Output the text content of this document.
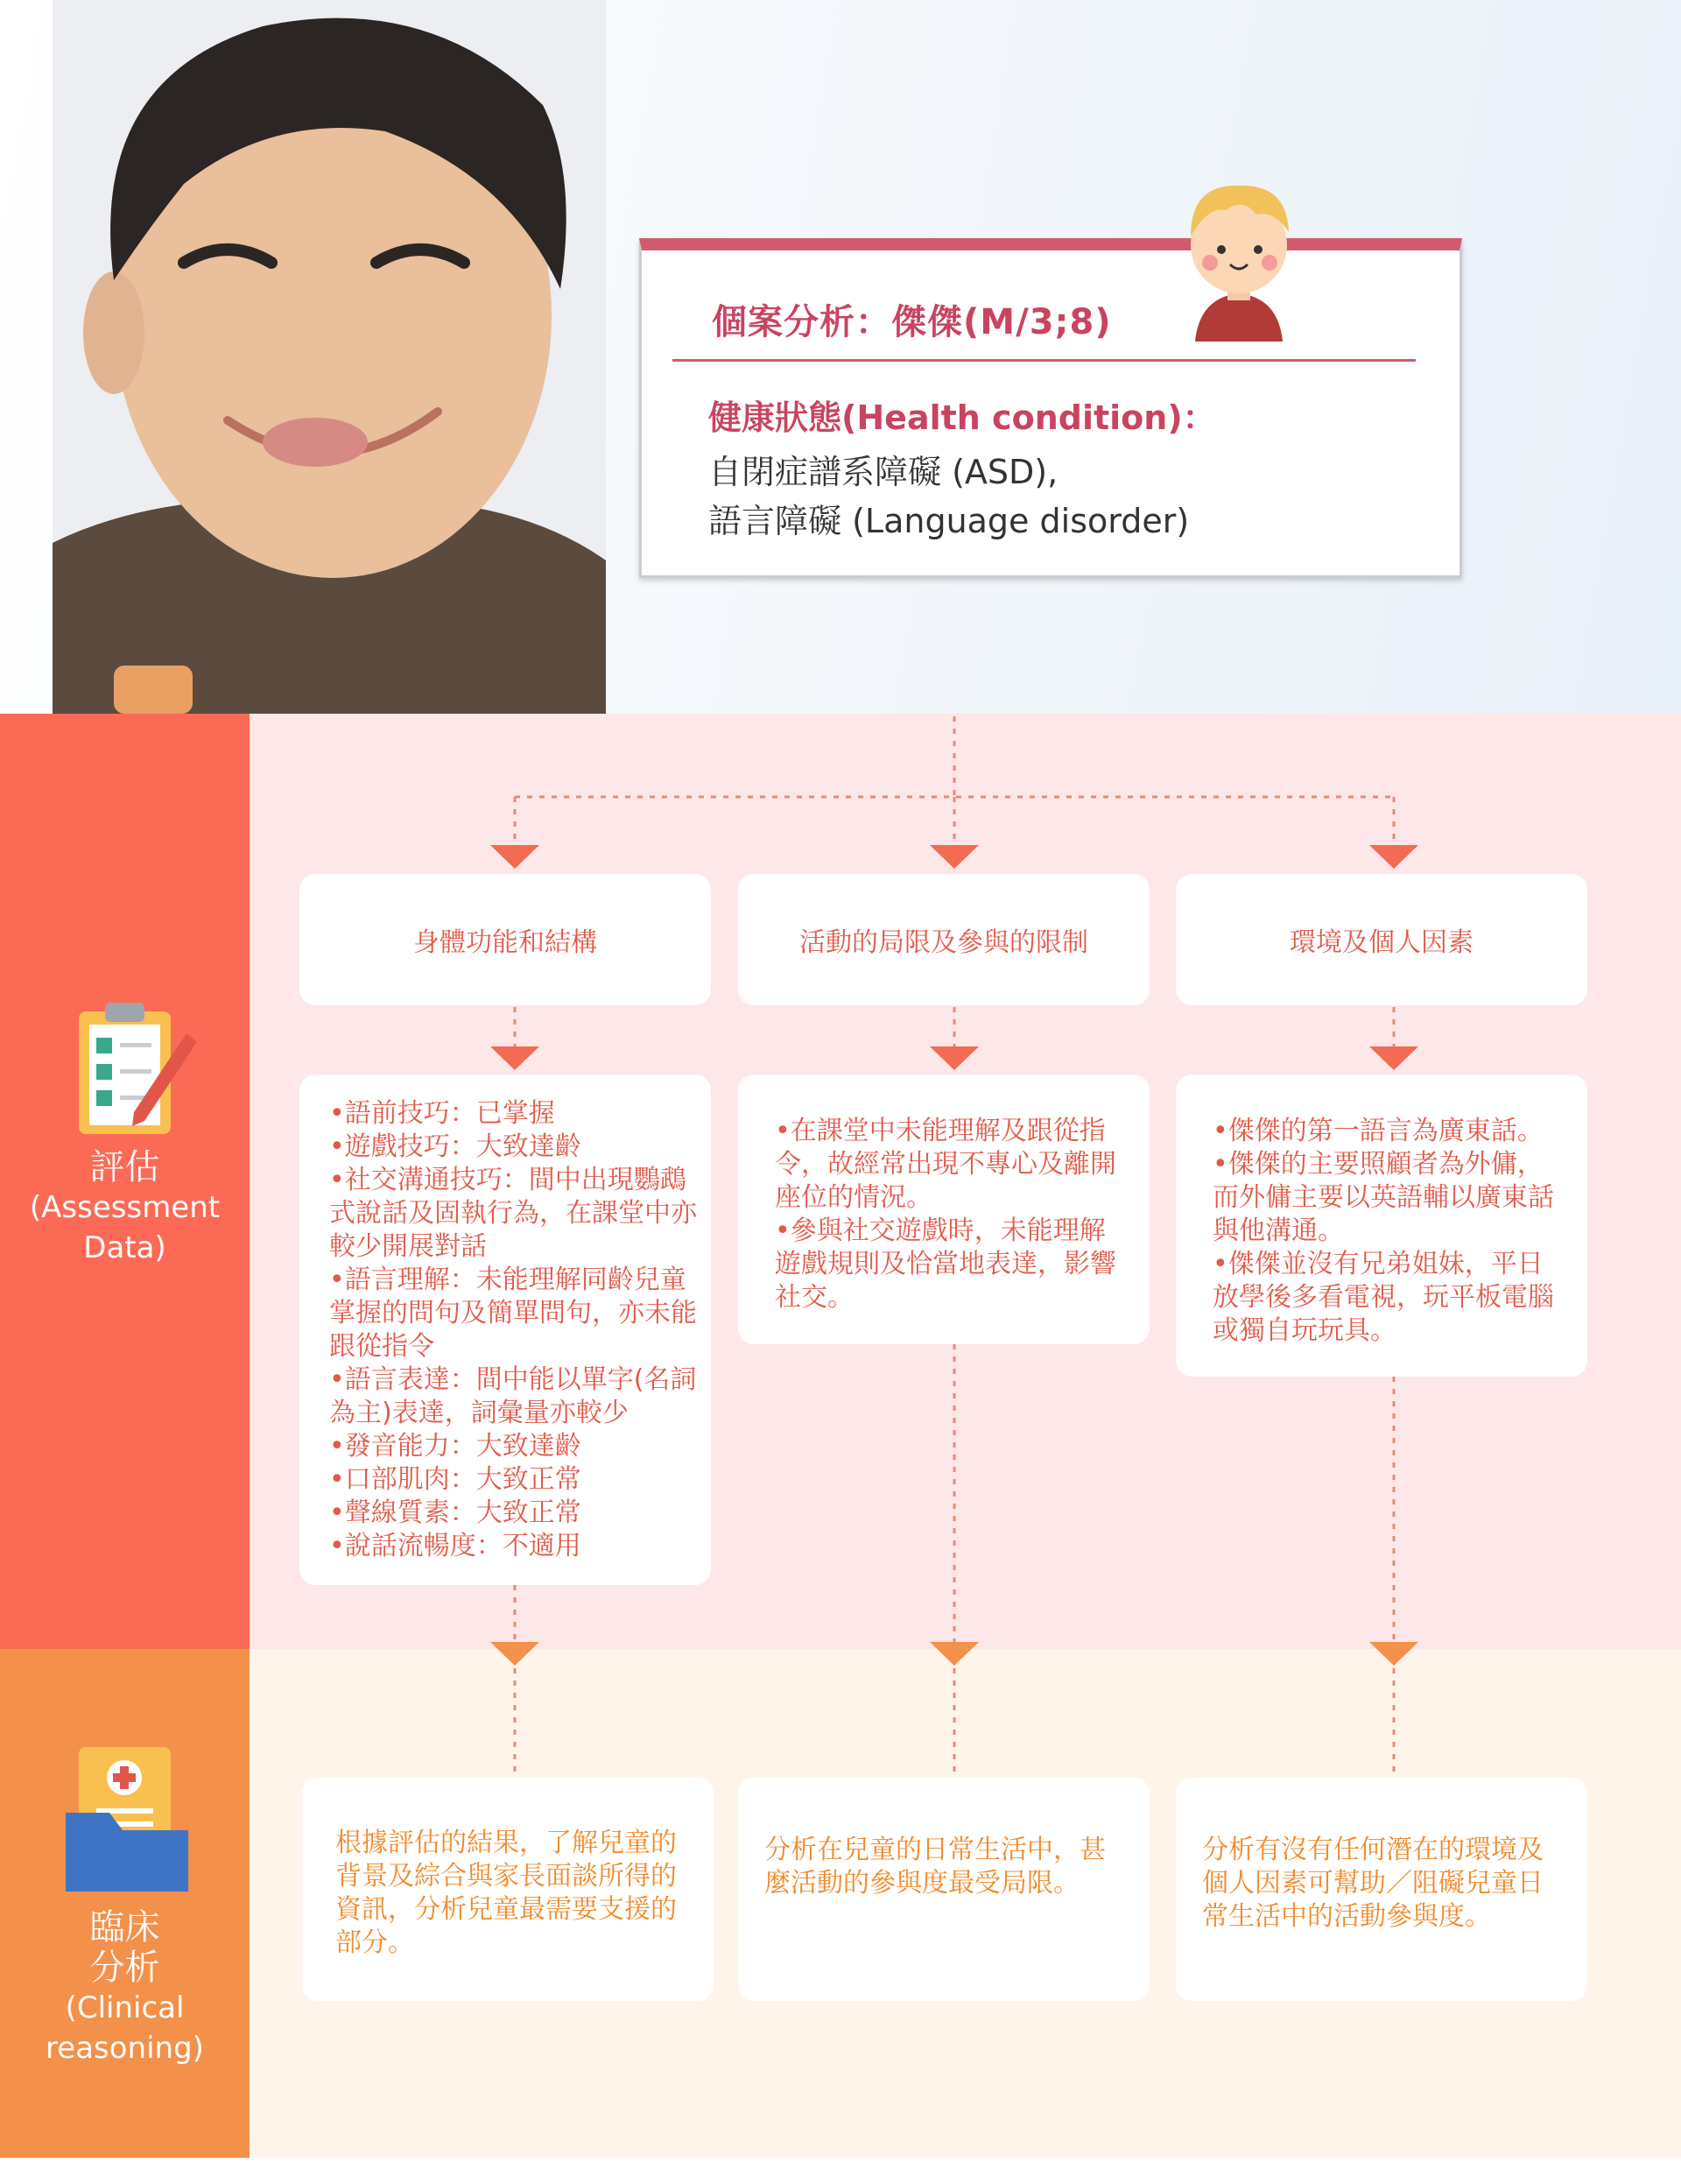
個案分析：傑傑(M/3;8)
健康狀態(Health condition)：
自閉症譜系障礙 (ASD),
語言障礙 (Language disorder)
評估
(Assessment
Data)
臨床
分析
(Clinical
reasoning)
身體功能和結構	活動的局限及參與的限制	環境及個人因素
•語前技巧：已掌握
•遊戲技巧：大致達齡
•社交溝通技巧：間中出現鸚鵡式說話及固執行為，在課堂中亦較少開展對話
•語言理解：未能理解同齡兒童掌握的問句及簡單問句，亦未能跟從指令
•語言表達：間中能以單字(名詞為主)表達，詞彙量亦較少
•發音能力：大致達齡
•口部肌肉：大致正常
•聲線質素：大致正常
•說話流暢度：不適用
•在課堂中未能理解及跟從指令，故經常出現不專心及離開座位的情況。
•參與社交遊戲時，未能理解遊戲規則及恰當地表達，影響社交。
•傑傑的第一語言為廣東話。
•傑傑的主要照顧者為外傭，而外傭主要以英語輔以廣東話與他溝通。
•傑傑並沒有兄弟姐妹，平日放學後多看電視，玩平板電腦或獨自玩玩具。
根據評估的結果，了解兒童的背景及綜合與家長面談所得的資訊，分析兒童最需要支援的部分。
分析在兒童的日常生活中，甚麼活動的參與度最受局限。
分析有沒有任何潛在的環境及個人因素可幫助／阻礙兒童日常生活中的活動參與度。
